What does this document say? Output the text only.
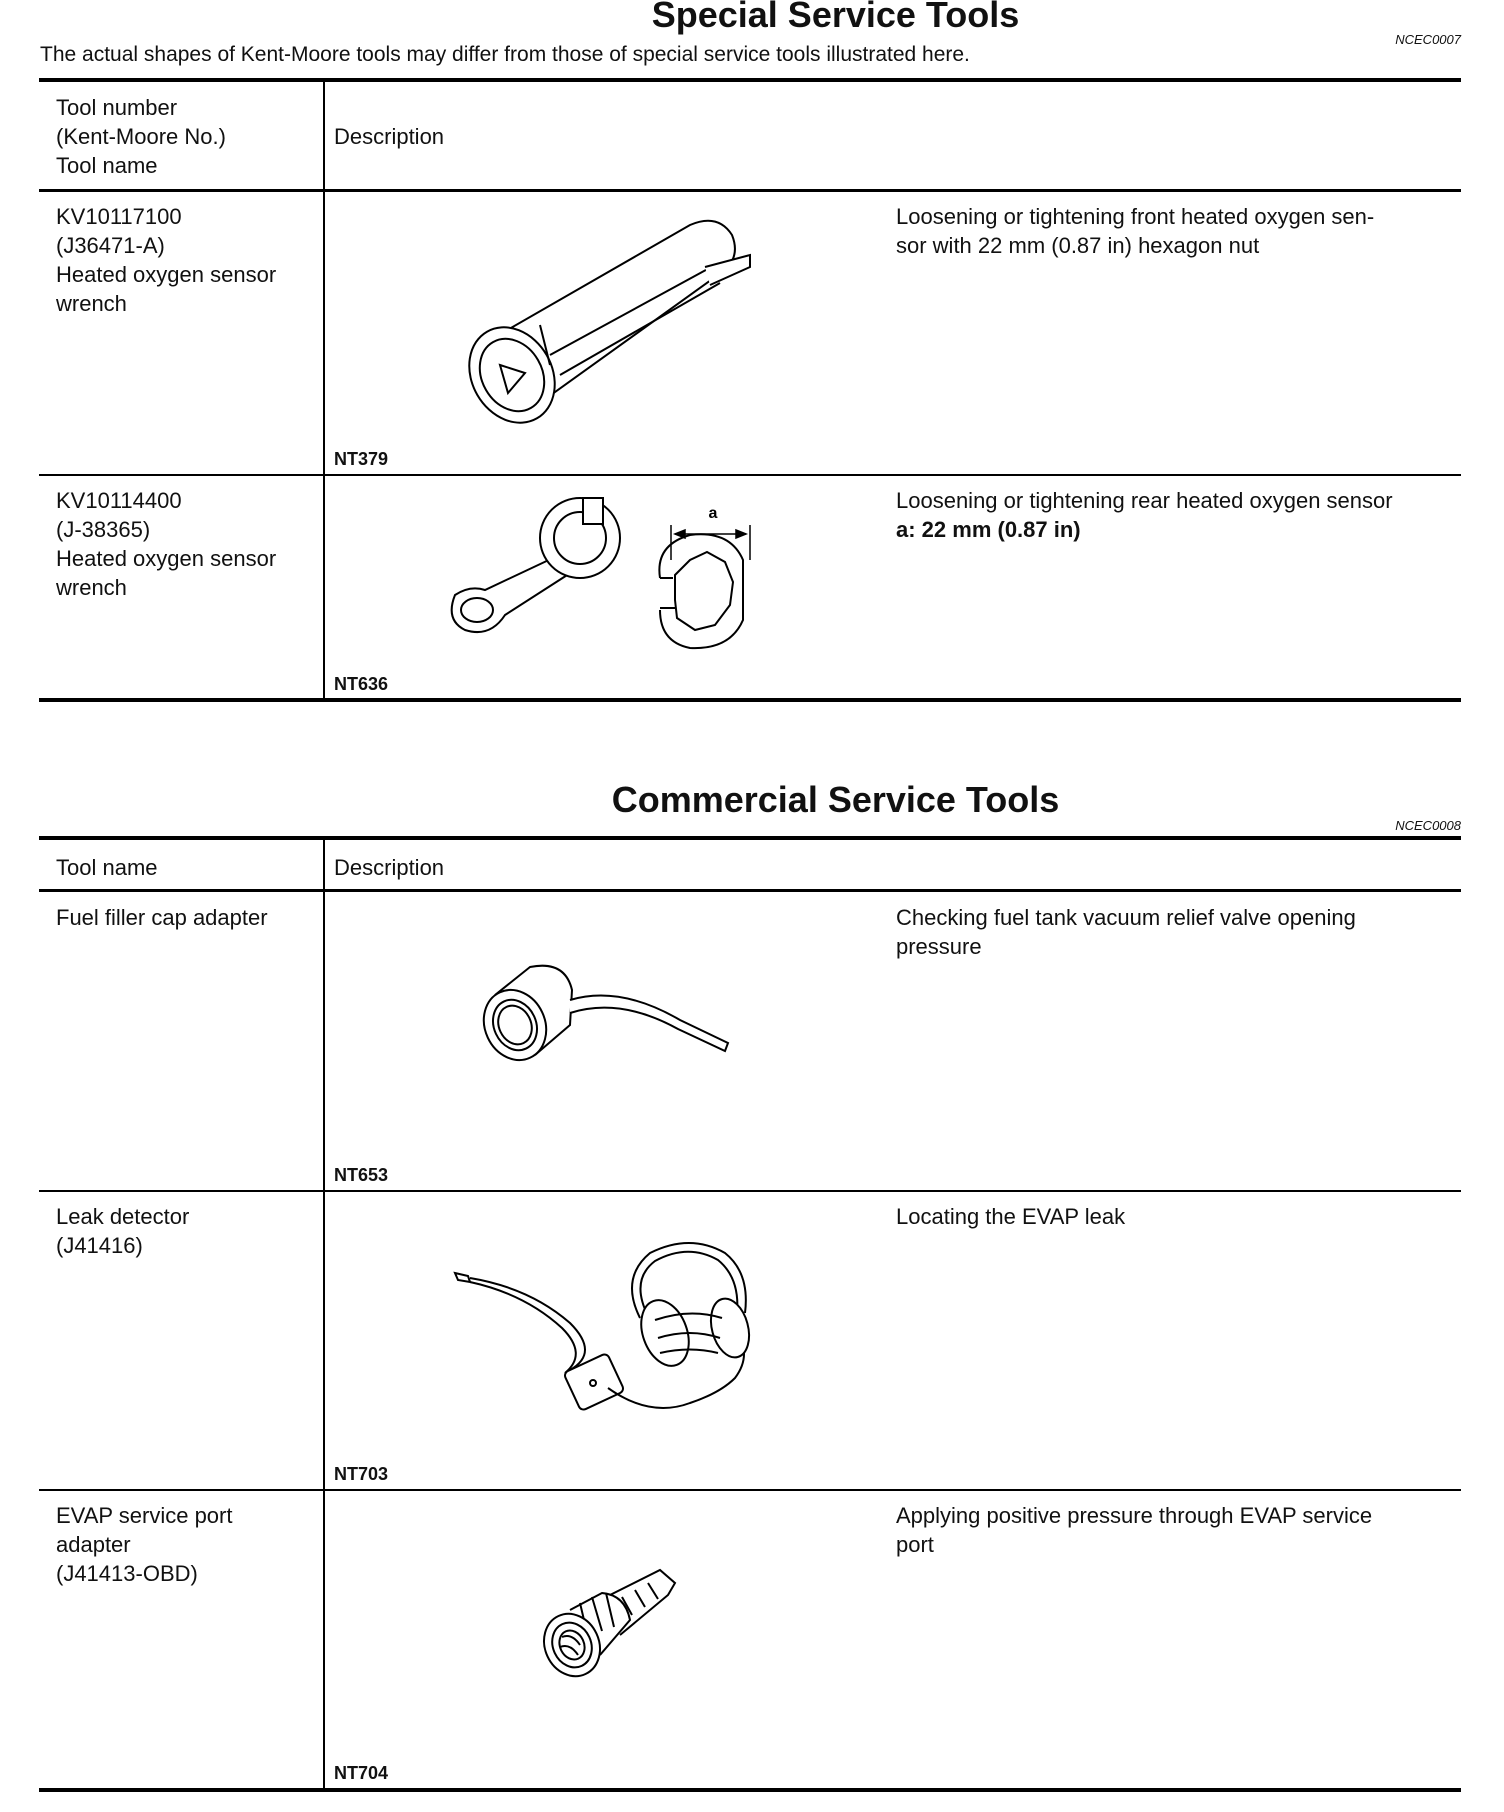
Special Service Tools
NCEC0007
The actual shapes of Kent-Moore tools may differ from those of special service tools illustrated here.
Tool number
(Kent-Moore No.)
Tool name
Description
KV10117100
(J36471-A)
Heated oxygen sensor
wrench
Loosening or tightening front heated oxygen sen-
sor with 22 mm (0.87 in) hexagon nut
NT379
KV10114400
(J-38365)
Heated oxygen sensor
wrench
Loosening or tightening rear heated oxygen sensor
a: 22 mm (0.87 in)
NT636
a
Commercial Service Tools
NCEC0008
Tool name	Description
Fuel filler cap adapter	Checking fuel tank vacuum relief valve opening
pressure
NT653
Leak detector
(J41416)
Locating the EVAP leak
NT703
EVAP service port
adapter
(J41413-OBD)
Applying positive pressure through EVAP service
port
NT704
